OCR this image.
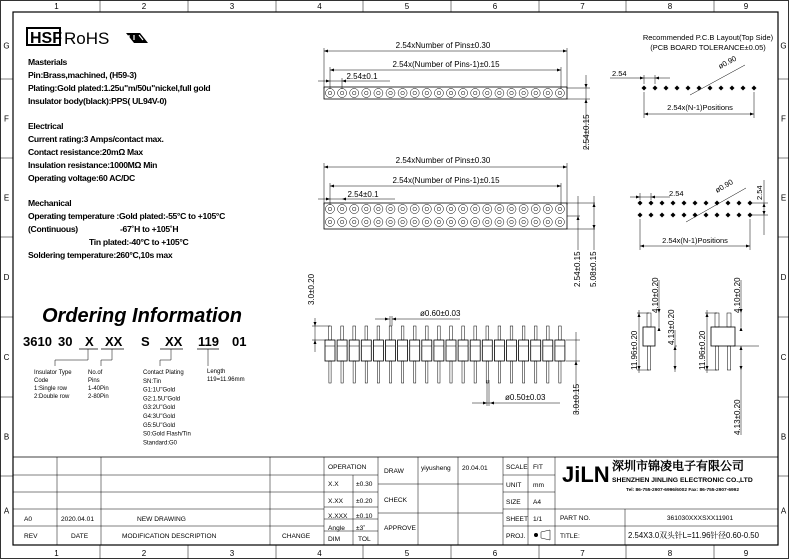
1
1
2
2
3
3
4
4
5
5
6
6
7
7
8
8
9
9
G	G
F	F
E	E
D	D
C	C
B	B
A	A
HSF RoHS
Masterials
Pin:Brass,machined, (H59-3)
Plating:Gold plated:1.25u"m/50u"nickel,full gold
Insulator body(black):PPS( UL94V-0)
Electrical
Current rating:3 Amps/contact max.
Contact resistance:20mΩ Max
Insulation resistance:1000MΩ Min
Operating voltage:60 AC/DC
Mechanical
Operating temperature :Gold plated:-55°C to +105°C
(Continuous)	-67˚H to +105˚H
Tin plated:-40°C to +105°C
Soldering temperature:260°C,10s max
Ordering Information
3610 30 X XX S XX 119 01
Insulator Type
Code
1:Single row
2:Double row
No.of
Pins
1-40Pin
2-80Pin
Contact Plating
SN:Tin
G1:1U"Gold
G2:1.5U"Gold
G3:2U"Gold
G4:3U"Gold
G5:5U"Gold
S0:Gold Flash/Tin
Standard:G0
Length
119=11.96mm
2.54xNumber of Pins±0.30
2.54x(Number of Pins-1)±0.15
2.54±0.1
2.54±0.15
2.54xNumber of Pins±0.30
2.54x(Number of Pins-1)±0.15
2.54±0.1
2.54±0.15 5.08±0.15
3.0±0.20
ø0.60±0.03
ø0.50±0.03	3.0±0.15
11.96±0.20
4.10±0.20
4.13±0.20
11.96±0.20
4.10±0.20
4.13±0.20
Recommended P.C.B Layout(Top Side)
(PCB BOARD TOLERANCE±0.05)
2.54
ø0.90
2.54x(N-1)Positions
2.54	ø0.90	2.54
2.54x(N-1)Positions
A0	2020.04.01	NEW DRAWING
REV	DATE	MODIFICATION DESCRIPTION	CHANGE
OPERATION
X.X	±0.30
X.XX ±0.20
X.XXX ±0.10
Angle ±3˚
DIM	TOL
DRAW	yiyusheng 20.04.01
CHECK
APPROVE
SCALE FIT
UNIT mm
SIZE A4
SHEET 1/1
PROJ.
JiLN 深圳市锦凌电子有限公司
SHENZHEN JINLING ELECTRONIC CO.,LTD
Tel: 86-755-2907-6996/6002 Fax: 86-755-2907-6992
PART NO.	361030XXXSXX11901
TITLE:	2.54X3.0双头针L=11.96针径0.60-0.50
